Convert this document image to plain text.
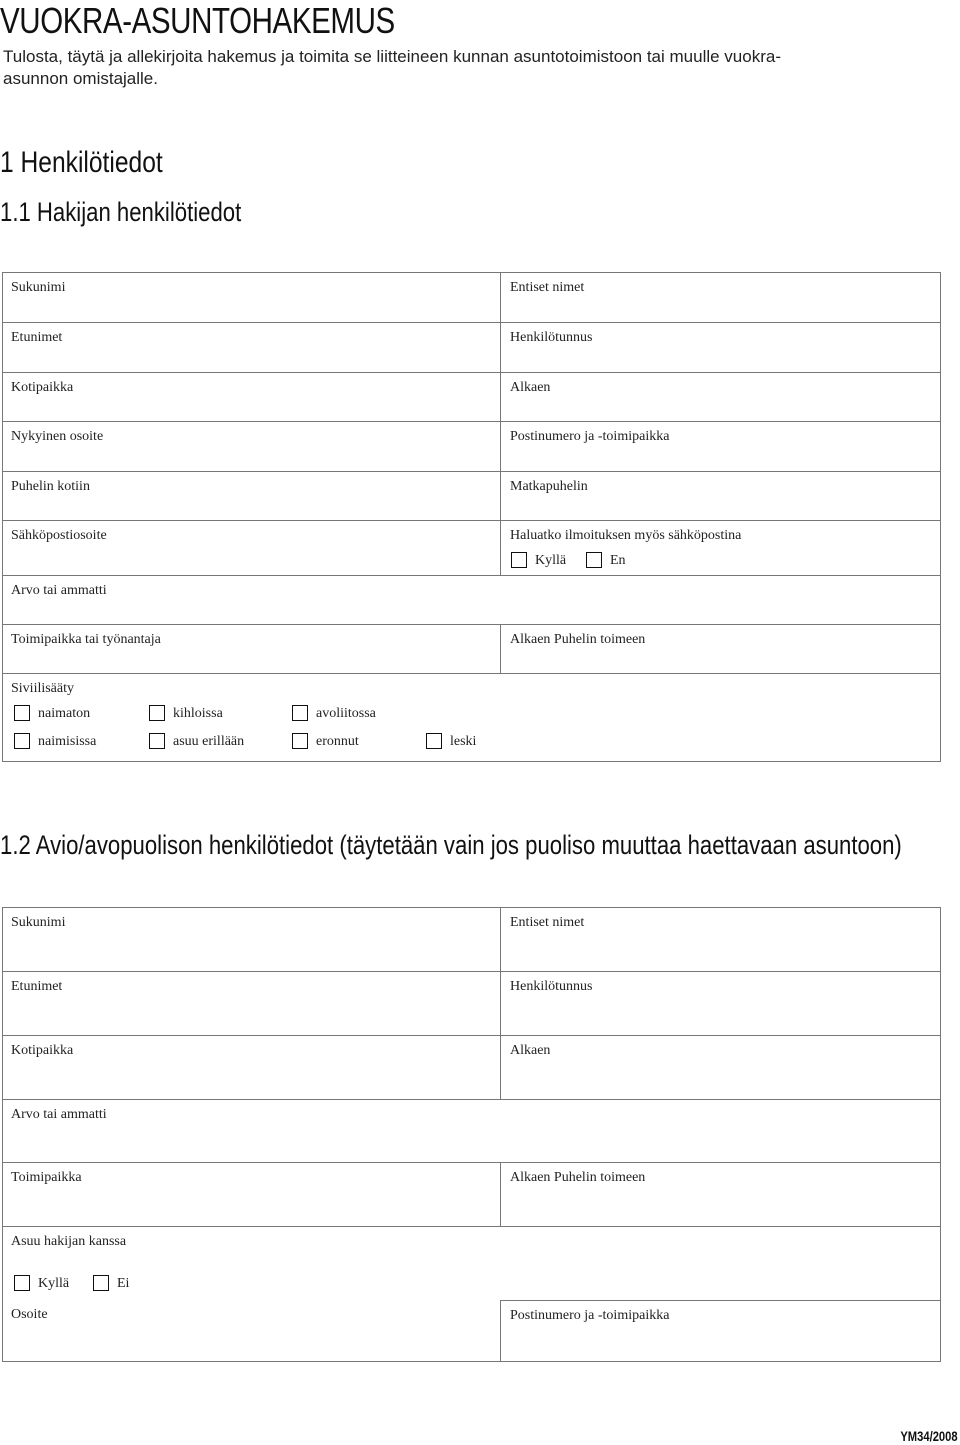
VUOKRA-ASUNTOHAKEMUS
Tulosta, täytä ja allekirjoita hakemus ja toimita se liitteineen kunnan asuntotoimistoon tai muulle vuokra-asunnon omistajalle.
1 Henkilötiedot
1.1 Hakijan henkilötiedot
Sukunimi	Entiset nimet
Etunimet	Henkilötunnus
Kotipaikka	Alkaen
Nykyinen osoite	Postinumero ja -toimipaikka
Puhelin kotiin	Matkapuhelin
Sähköpostiosoite	Haluatko ilmoituksen myös sähköpostina
Kyllä	En
Arvo tai ammatti
Toimipaikka tai työnantaja	Alkaen Puhelin toimeen
Siviilisääty
naimaton	kihloissa	avoliitossa
naimisissa	asuu erillään	eronnut	leski
1.2 Avio/avopuolison henkilötiedot (täytetään vain jos puoliso muuttaa haettavaan asuntoon)
Sukunimi	Entiset nimet
Etunimet	Henkilötunnus
Kotipaikka	Alkaen
Arvo tai ammatti
Toimipaikka	Alkaen Puhelin toimeen
Asuu hakijan kanssa
Kyllä	Ei
Osoite	Postinumero ja -toimipaikka
YM34/2008
